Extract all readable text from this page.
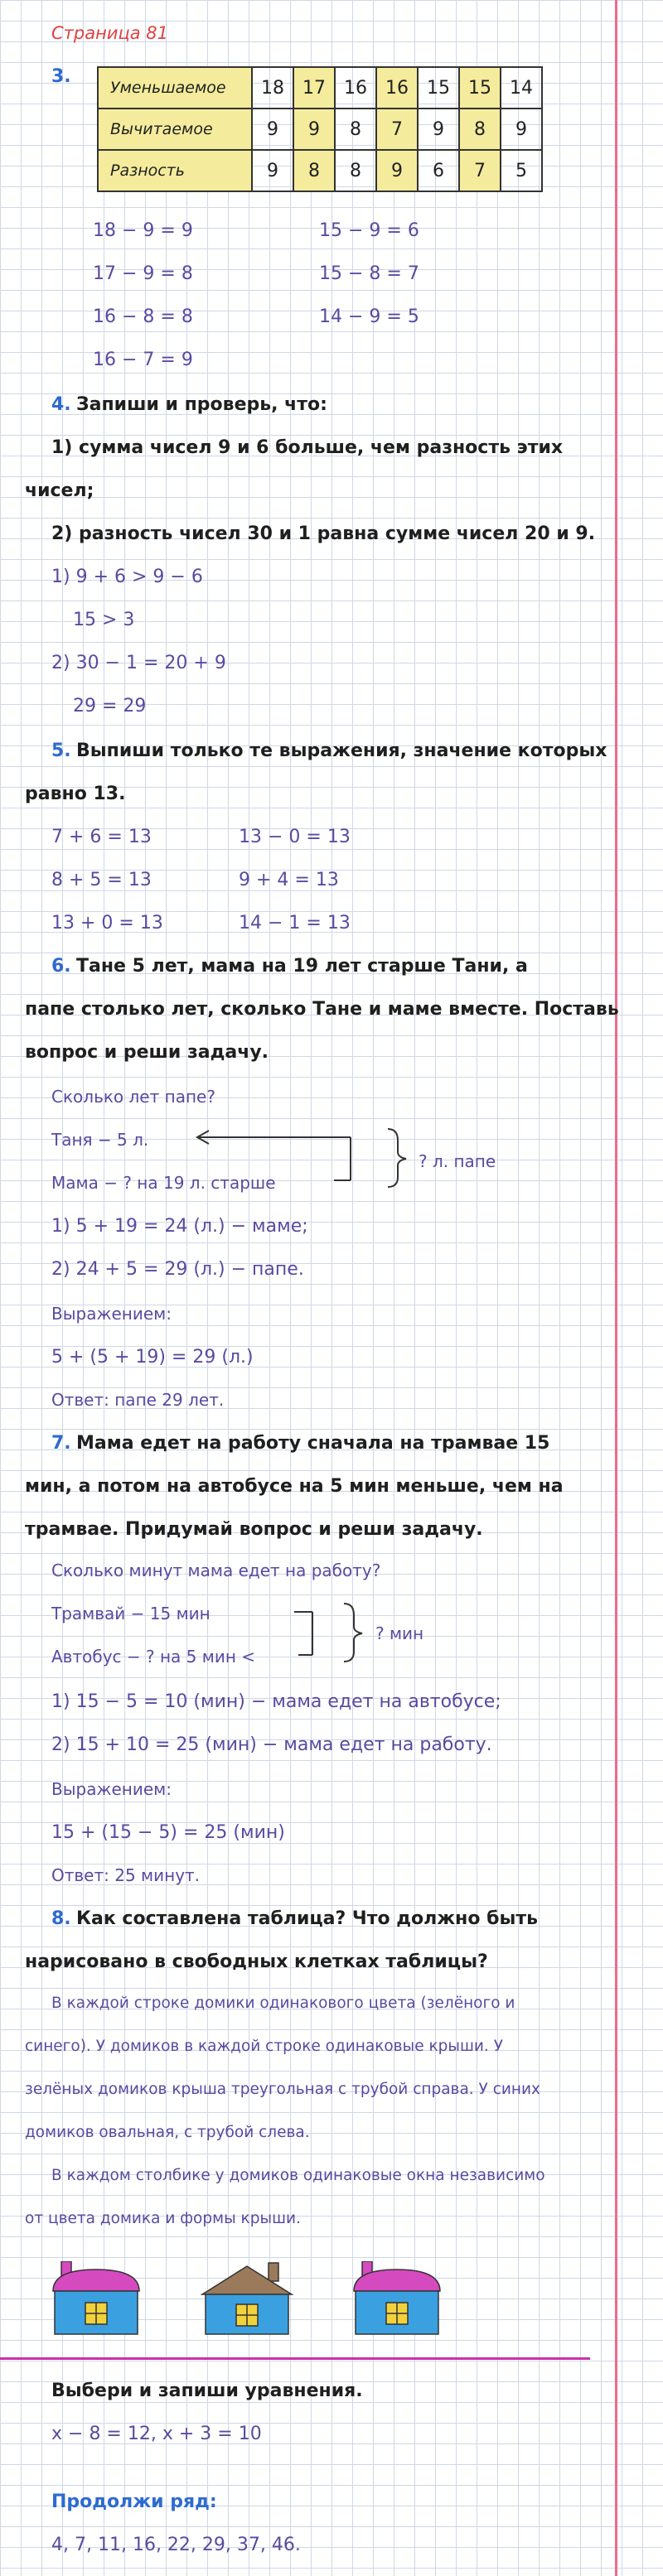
Страница 81
3.
Уменьшаемое	18	17	16	16	15	15	14
Вычитаемое	9	9	8	7	9	8	9
Разность	9	8	8	9	6	7	5
18 − 9 = 9
17 − 9 = 8
16 − 8 = 8
16 − 7 = 9
15 − 9 = 6
15 − 8 = 7
14 − 9 = 5
4. Запиши и проверь, что:
1) сумма чисел 9 и 6 больше, чем разность этих
чисел;
2) разность чисел 30 и 1 равна сумме чисел 20 и 9.
1) 9 + 6 > 9 − 6
15 > 3
2) 30 − 1 = 20 + 9
29 = 29
5. Выпиши только те выражения, значение которых
равно 13.
7 + 6 = 13
8 + 5 = 13
13 + 0 = 13
13 − 0 = 13
9 + 4 = 13
14 − 1 = 13
6. Тане 5 лет, мама на 19 лет старше Тани, а
папе столько лет, сколько Тане и маме вместе. Поставь
вопрос и реши задачу.
Сколько лет папе?
Таня − 5 л.
Мама − ? на 19 л. старше
? л. папе
1) 5 + 19 = 24 (л.) − маме;
2) 24 + 5 = 29 (л.) − папе.
Выражением:
5 + (5 + 19) = 29 (л.)
Ответ: папе 29 лет.
7. Мама едет на работу сначала на трамвае 15
мин, а потом на автобусе на 5 мин меньше, чем на
трамвае. Придумай вопрос и реши задачу.
Сколько минут мама едет на работу?
Трамвай − 15 мин
Автобус − ? на 5 мин <
? мин
1) 15 − 5 = 10 (мин) − мама едет на автобусе;
2) 15 + 10 = 25 (мин) − мама едет на работу.
Выражением:
15 + (15 − 5) = 25 (мин)
Ответ: 25 минут.
8. Как составлена таблица? Что должно быть
нарисовано в свободных клетках таблицы?
В каждой строке домики одинакового цвета (зелёного и
синего). У домиков в каждой строке одинаковые крыши. У
зелёных домиков крыша треугольная с трубой справа. У синих
домиков овальная, с трубой слева.
В каждом столбике у домиков одинаковые окна независимо
от цвета домика и формы крыши.
Выбери и запиши уравнения.
x − 8 = 12, x + 3 = 10
Продолжи ряд:
4, 7, 11, 16, 22, 29, 37, 46.
